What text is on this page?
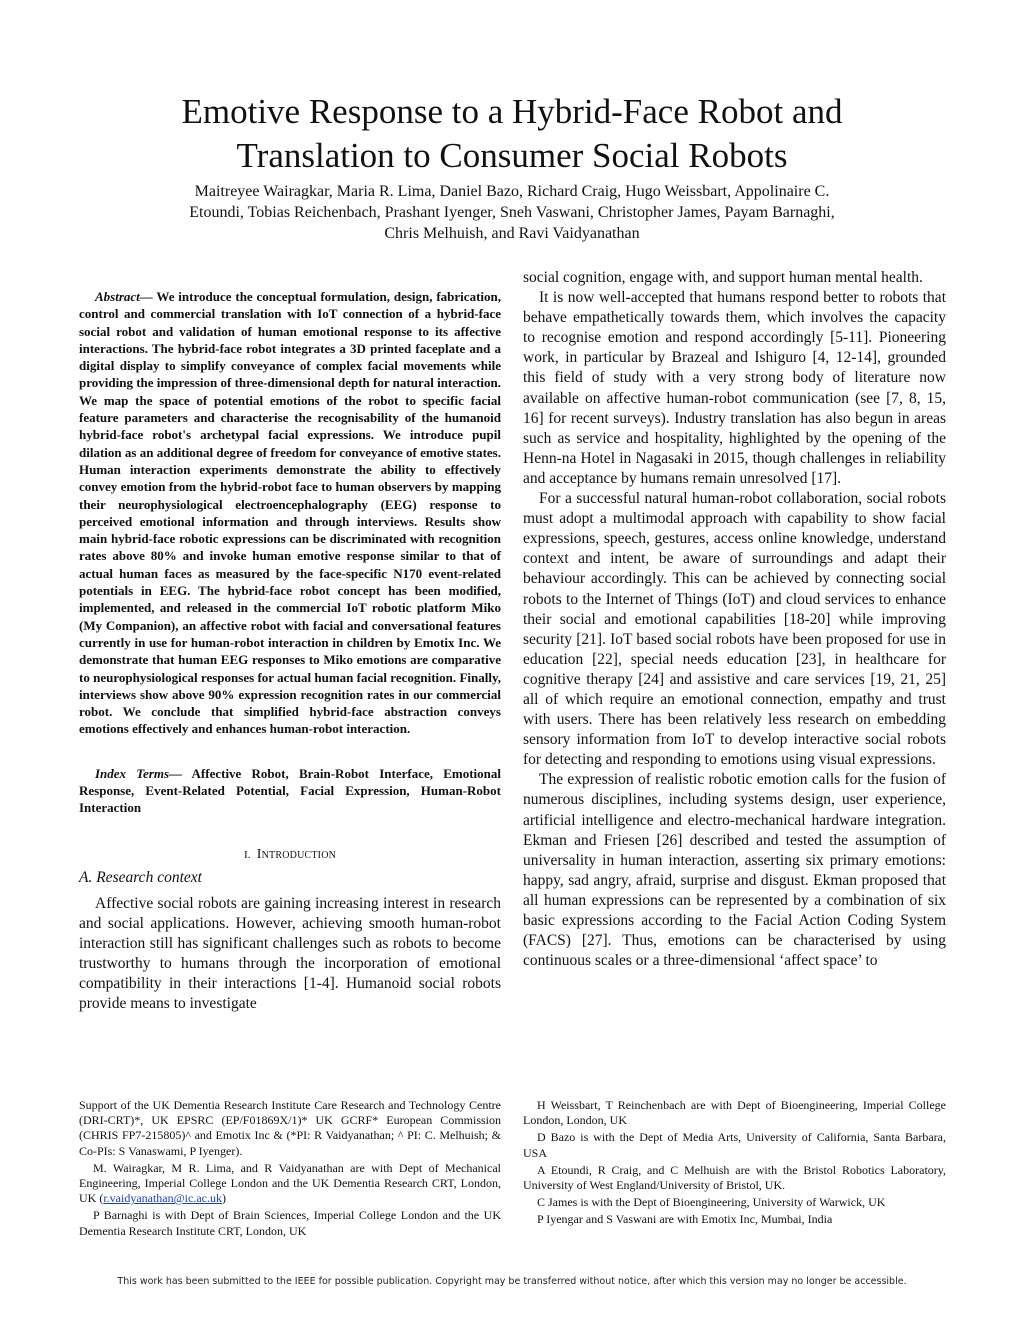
Emotive Response to a Hybrid-Face Robot and
Translation to Consumer Social Robots

Maitreyee Wairagkar, Maria R. Lima, Daniel Bazo, Richard Craig, Hugo Weissbart, Appolinaire C.
Etoundi, Tobias Reichenbach, Prashant Iyenger, Sneh Vaswani, Christopher James, Payam Barnaghi,
Chris Melhuish, and Ravi Vaidyanathan

Abstract— We introduce the conceptual formulation, design, fabrication, control and commercial translation with IoT connection of a hybrid-face social robot and validation of human emotional response to its affective interactions. The hybrid-face robot integrates a 3D printed faceplate and a digital display to simplify conveyance of complex facial movements while providing the impression of three-dimensional depth for natural interaction. We map the space of potential emotions of the robot to specific facial feature parameters and characterise the recognisability of the humanoid hybrid-face robot's archetypal facial expressions. We introduce pupil dilation as an additional degree of freedom for conveyance of emotive states. Human interaction experiments demonstrate the ability to effectively convey emotion from the hybrid-robot face to human observers by mapping their neurophysiological electroencephalography (EEG) response to perceived emotional information and through interviews. Results show main hybrid-face robotic expressions can be discriminated with recognition rates above 80% and invoke human emotive response similar to that of actual human faces as measured by the face-specific N170 event-related potentials in EEG. The hybrid-face robot concept has been modified, implemented, and released in the commercial IoT robotic platform Miko (My Companion), an affective robot with facial and conversational features currently in use for human-robot interaction in children by Emotix Inc. We demonstrate that human EEG responses to Miko emotions are comparative to neurophysiological responses for actual human facial recognition. Finally, interviews show above 90% expression recognition rates in our commercial robot. We conclude that simplified hybrid-face abstraction conveys emotions effectively and enhances human-robot interaction.

Index Terms— Affective Robot, Brain-Robot Interface, Emotional Response, Event-Related Potential, Facial Expression, Human-Robot Interaction

I. Introduction

A. Research context

Affective social robots are gaining increasing interest in research and social applications. However, achieving smooth human-robot interaction still has significant challenges such as robots to become trustworthy to humans through the incorporation of emotional compatibility in their interactions [1-4]. Humanoid social robots provide means to investigate

social cognition, engage with, and support human mental health.

It is now well-accepted that humans respond better to robots that behave empathetically towards them, which involves the capacity to recognise emotion and respond accordingly [5-11]. Pioneering work, in particular by Brazeal and Ishiguro [4, 12-14], grounded this field of study with a very strong body of literature now available on affective human-robot communication (see [7, 8, 15, 16] for recent surveys). Industry translation has also begun in areas such as service and hospitality, highlighted by the opening of the Henn-na Hotel in Nagasaki in 2015, though challenges in reliability and acceptance by humans remain unresolved [17].

For a successful natural human-robot collaboration, social robots must adopt a multimodal approach with capability to show facial expressions, speech, gestures, access online knowledge, understand context and intent, be aware of surroundings and adapt their behaviour accordingly. This can be achieved by connecting social robots to the Internet of Things (IoT) and cloud services to enhance their social and emotional capabilities [18-20] while improving security [21]. IoT based social robots have been proposed for use in education [22], special needs education [23], in healthcare for cognitive therapy [24] and assistive and care services [19, 21, 25] all of which require an emotional connection, empathy and trust with users. There has been relatively less research on embedding sensory information from IoT to develop interactive social robots for detecting and responding to emotions using visual expressions.

The expression of realistic robotic emotion calls for the fusion of numerous disciplines, including systems design, user experience, artificial intelligence and electro-mechanical hardware integration. Ekman and Friesen [26] described and tested the assumption of universality in human interaction, asserting six primary emotions: happy, sad angry, afraid, surprise and disgust. Ekman proposed that all human expressions can be represented by a combination of six basic expressions according to the Facial Action Coding System (FACS) [27]. Thus, emotions can be characterised by using continuous scales or a three-dimensional ‘affect space’ to

Support of the UK Dementia Research Institute Care Research and Technology Centre (DRI-CRT)*, UK EPSRC (EP/F01869X/1)* UK GCRF* European Commission (CHRIS FP7-215805)^ and Emotix Inc & (*PI: R Vaidyanathan; ^ PI: C. Melhuish; & Co-PIs: S Vanaswami, P Iyenger).

M. Wairagkar, M R. Lima, and R Vaidyanathan are with Dept of Mechanical Engineering, Imperial College London and the UK Dementia Research CRT, London, UK (r.vaidyanathan@ic.ac.uk)

P Barnaghi is with Dept of Brain Sciences, Imperial College London and the UK Dementia Research Institute CRT, London, UK

H Weissbart, T Reinchenbach are with Dept of Bioengineering, Imperial College London, London, UK

D Bazo is with the Dept of Media Arts, University of California, Santa Barbara, USA

A Etoundi, R Craig, and C Melhuish are with the Bristol Robotics Laboratory, University of West England/University of Bristol, UK.

C James is with the Dept of Bioengineering, University of Warwick, UK

P Iyengar and S Vaswani are with Emotix Inc, Mumbai, India

This work has been submitted to the IEEE for possible publication. Copyright may be transferred without notice, after which this version may no longer be accessible.
